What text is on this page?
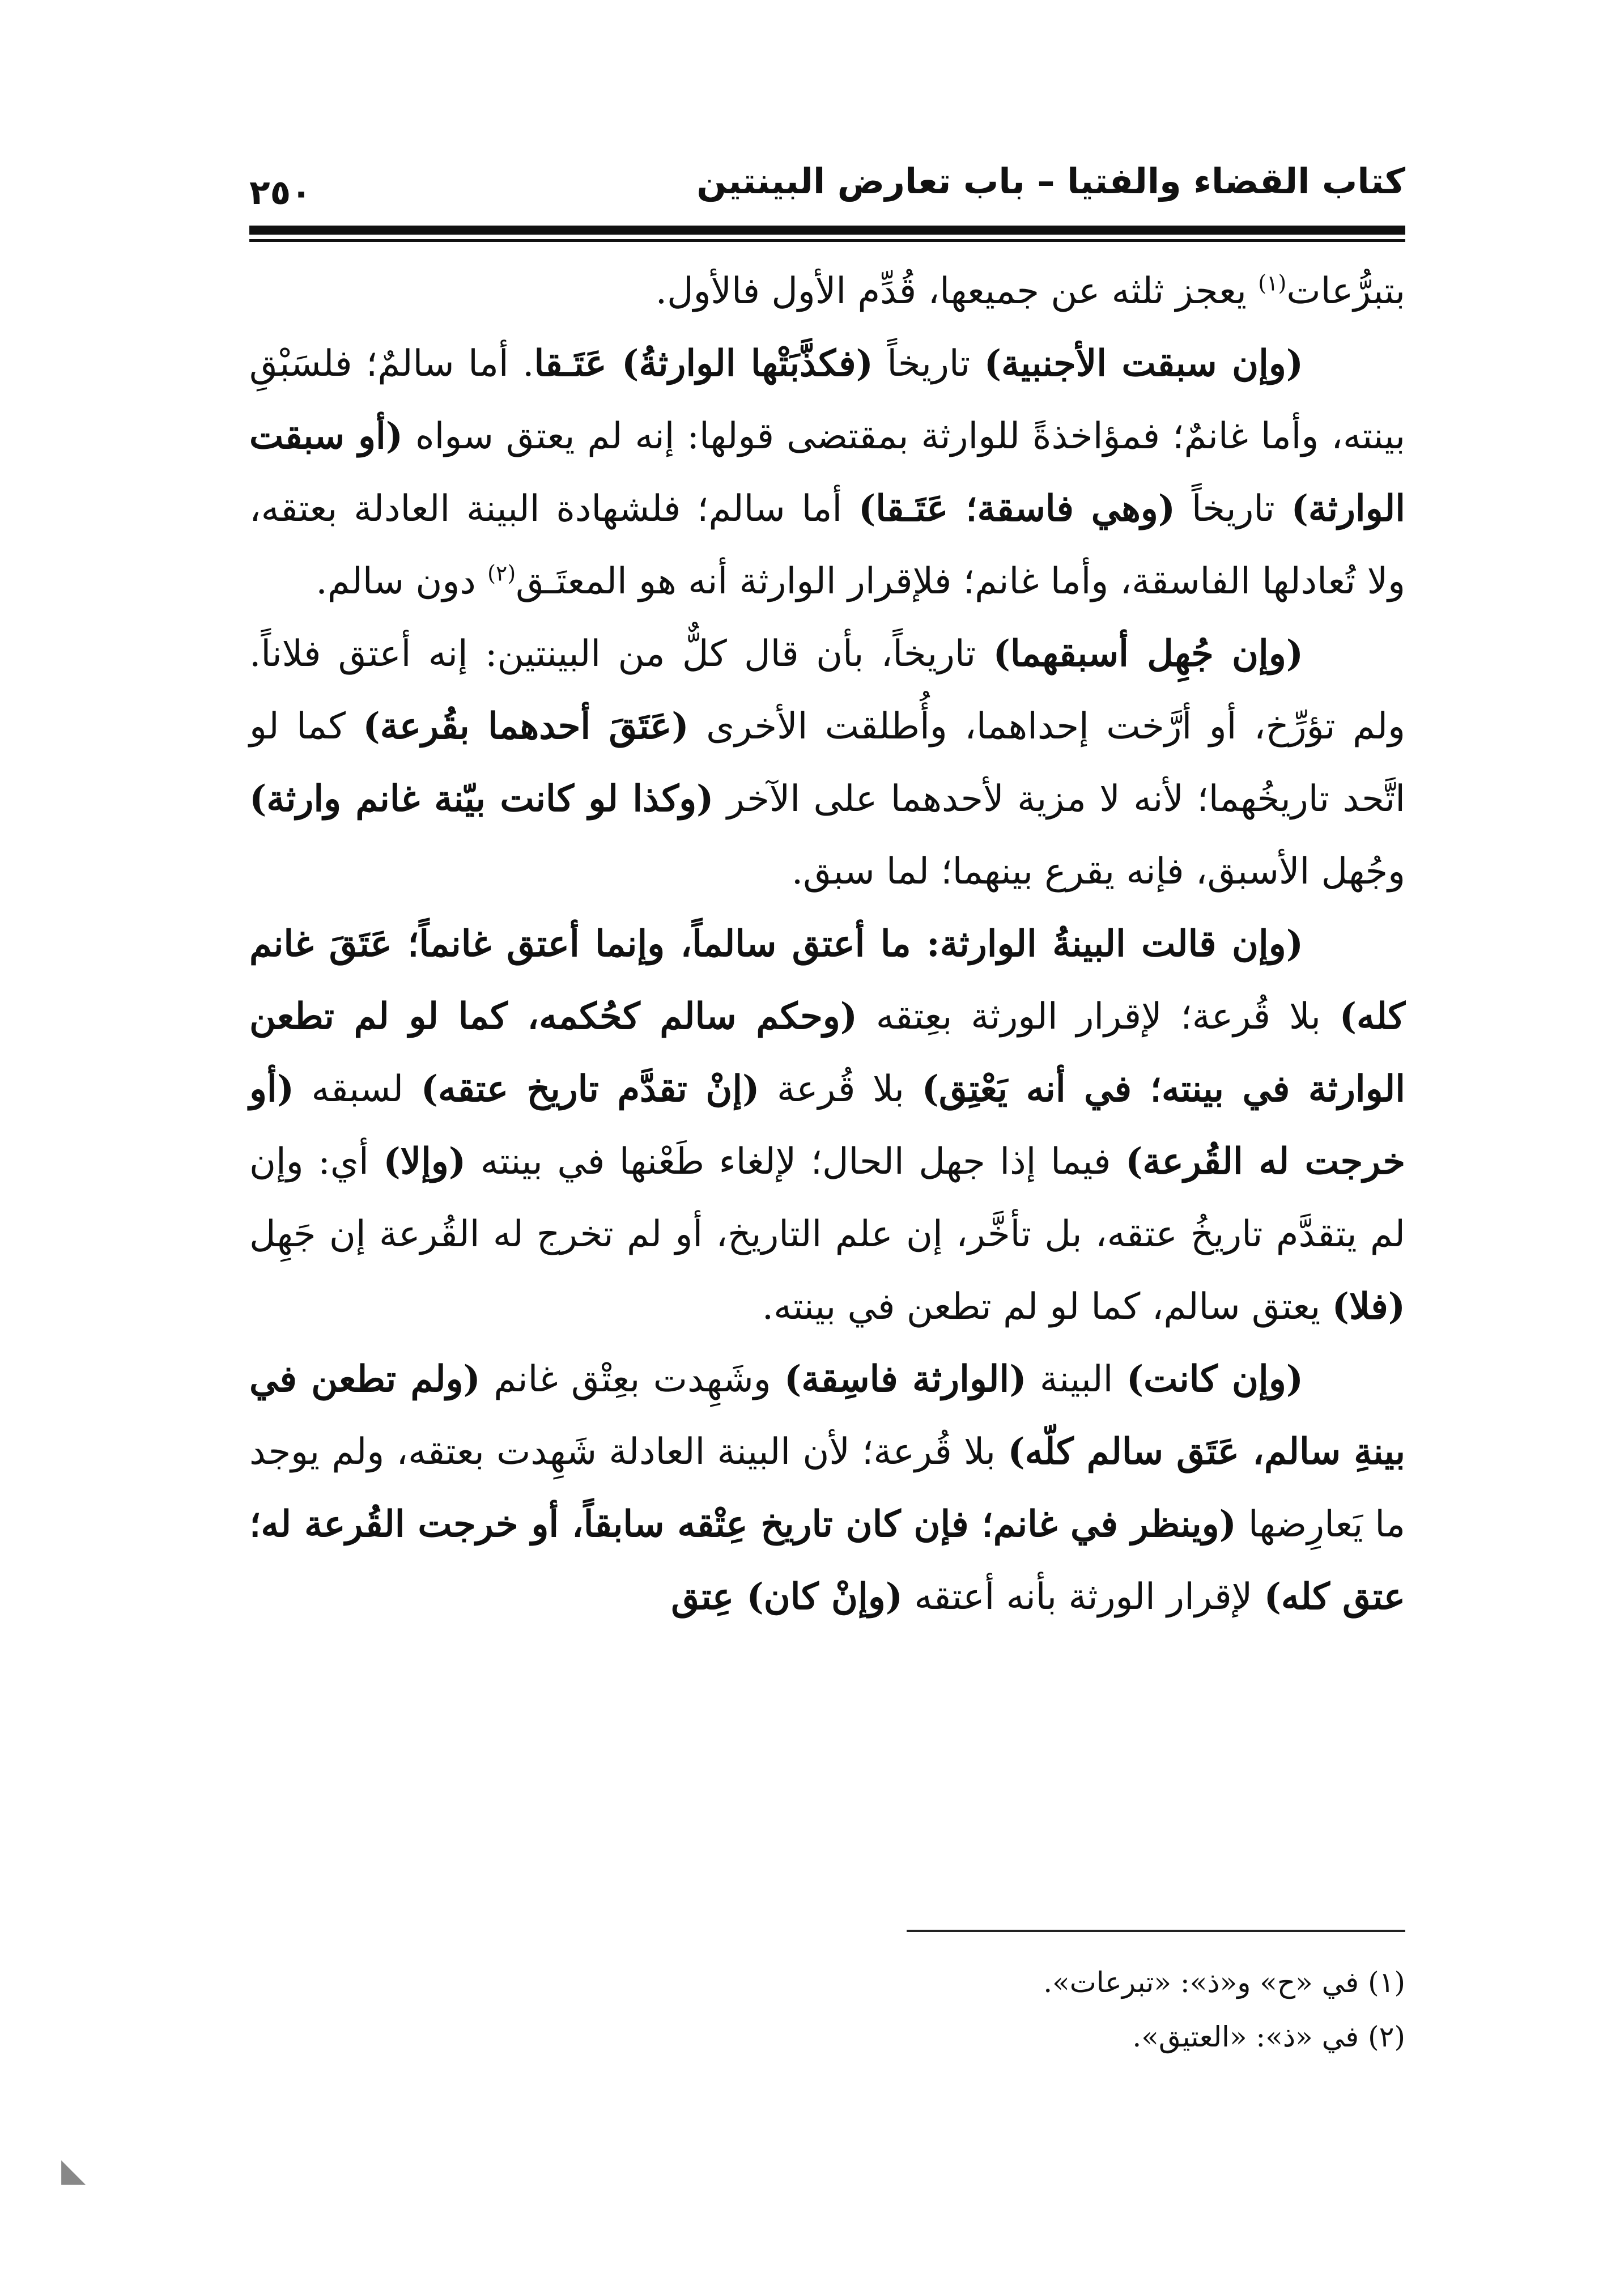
كتاب القضاء والفتيا – باب تعارض البينتين
٢٥٠

بتبرُّعات$^{(١)}$ يعجز ثلثه عن جميعها، قُدِّم الأول فالأول.

(وإن سبقت الأجنبية) تاريخاً (فكذَّبَتْها الوارثةُ) عَتَـقا. أما سالمٌ؛ فلسَبْقِ بينته، وأما غانمٌ؛ فمؤاخذةً للوارثة بمقتضى قولها: إنه لم يعتق سواه (أو سبقت الوارثة) تاريخاً (وهي فاسقة؛ عَتَـقا) أما سالم؛ فلشهادة البينة العادلة بعتقه، ولا تُعادلها الفاسقة، وأما غانم؛ فلإقرار الوارثة أنه هو المعتَـق$^{(٢)}$ دون سالم.

(وإن جُهِل أسبقهما) تاريخاً، بأن قال كلٌّ من البينتين: إنه أعتق فلاناً. ولم تؤرِّخ، أو أرَّخت إحداهما، وأُطلقت الأخرى (عَتَقَ أحدهما بقُرعة) كما لو اتَّحد تاريخُهما؛ لأنه لا مزية لأحدهما على الآخر (وكذا لو كانت بيّنة غانم وارثة) وجُهل الأسبق، فإنه يقرع بينهما؛ لما سبق.

(وإن قالت البينةُ الوارثة: ما أعتق سالماً، وإنما أعتق غانماً؛ عَتَقَ غانم كله) بلا قُرعة؛ لإقرار الورثة بعِتقه (وحكم سالم كحُكمه، كما لو لم تطعن الوارثة في بينته؛ في أنه يَعْتِق) بلا قُرعة (إنْ تقدَّم تاريخ عتقه) لسبقه (أو خرجت له القُرعة) فيما إذا جهل الحال؛ لإلغاء طَعْنها في بينته (وإلا) أي: وإن لم يتقدَّم تاريخُ عتقه، بل تأخَّر، إن علم التاريخ، أو لم تخرج له القُرعة إن جَهِل (فلا) يعتق سالم، كما لو لم تطعن في بينته.

(وإن كانت) البينة (الوارثة فاسِقة) وشَهِدت بعِتْق غانم (ولم تطعن في بينةِ سالم، عَتَق سالم كلّه) بلا قُرعة؛ لأن البينة العادلة شَهِدت بعتقه، ولم يوجد ما يَعارِضها (وينظر في غانم؛ فإن كان تاريخ عِتْقه سابقاً، أو خرجت القُرعة له؛ عتق كله) لإقرار الورثة بأنه أعتقه (وإنْ كان) عِتق

(١) في «ح» و«ذ»: «تبرعات».
(٢) في «ذ»: «العتيق».
◣
